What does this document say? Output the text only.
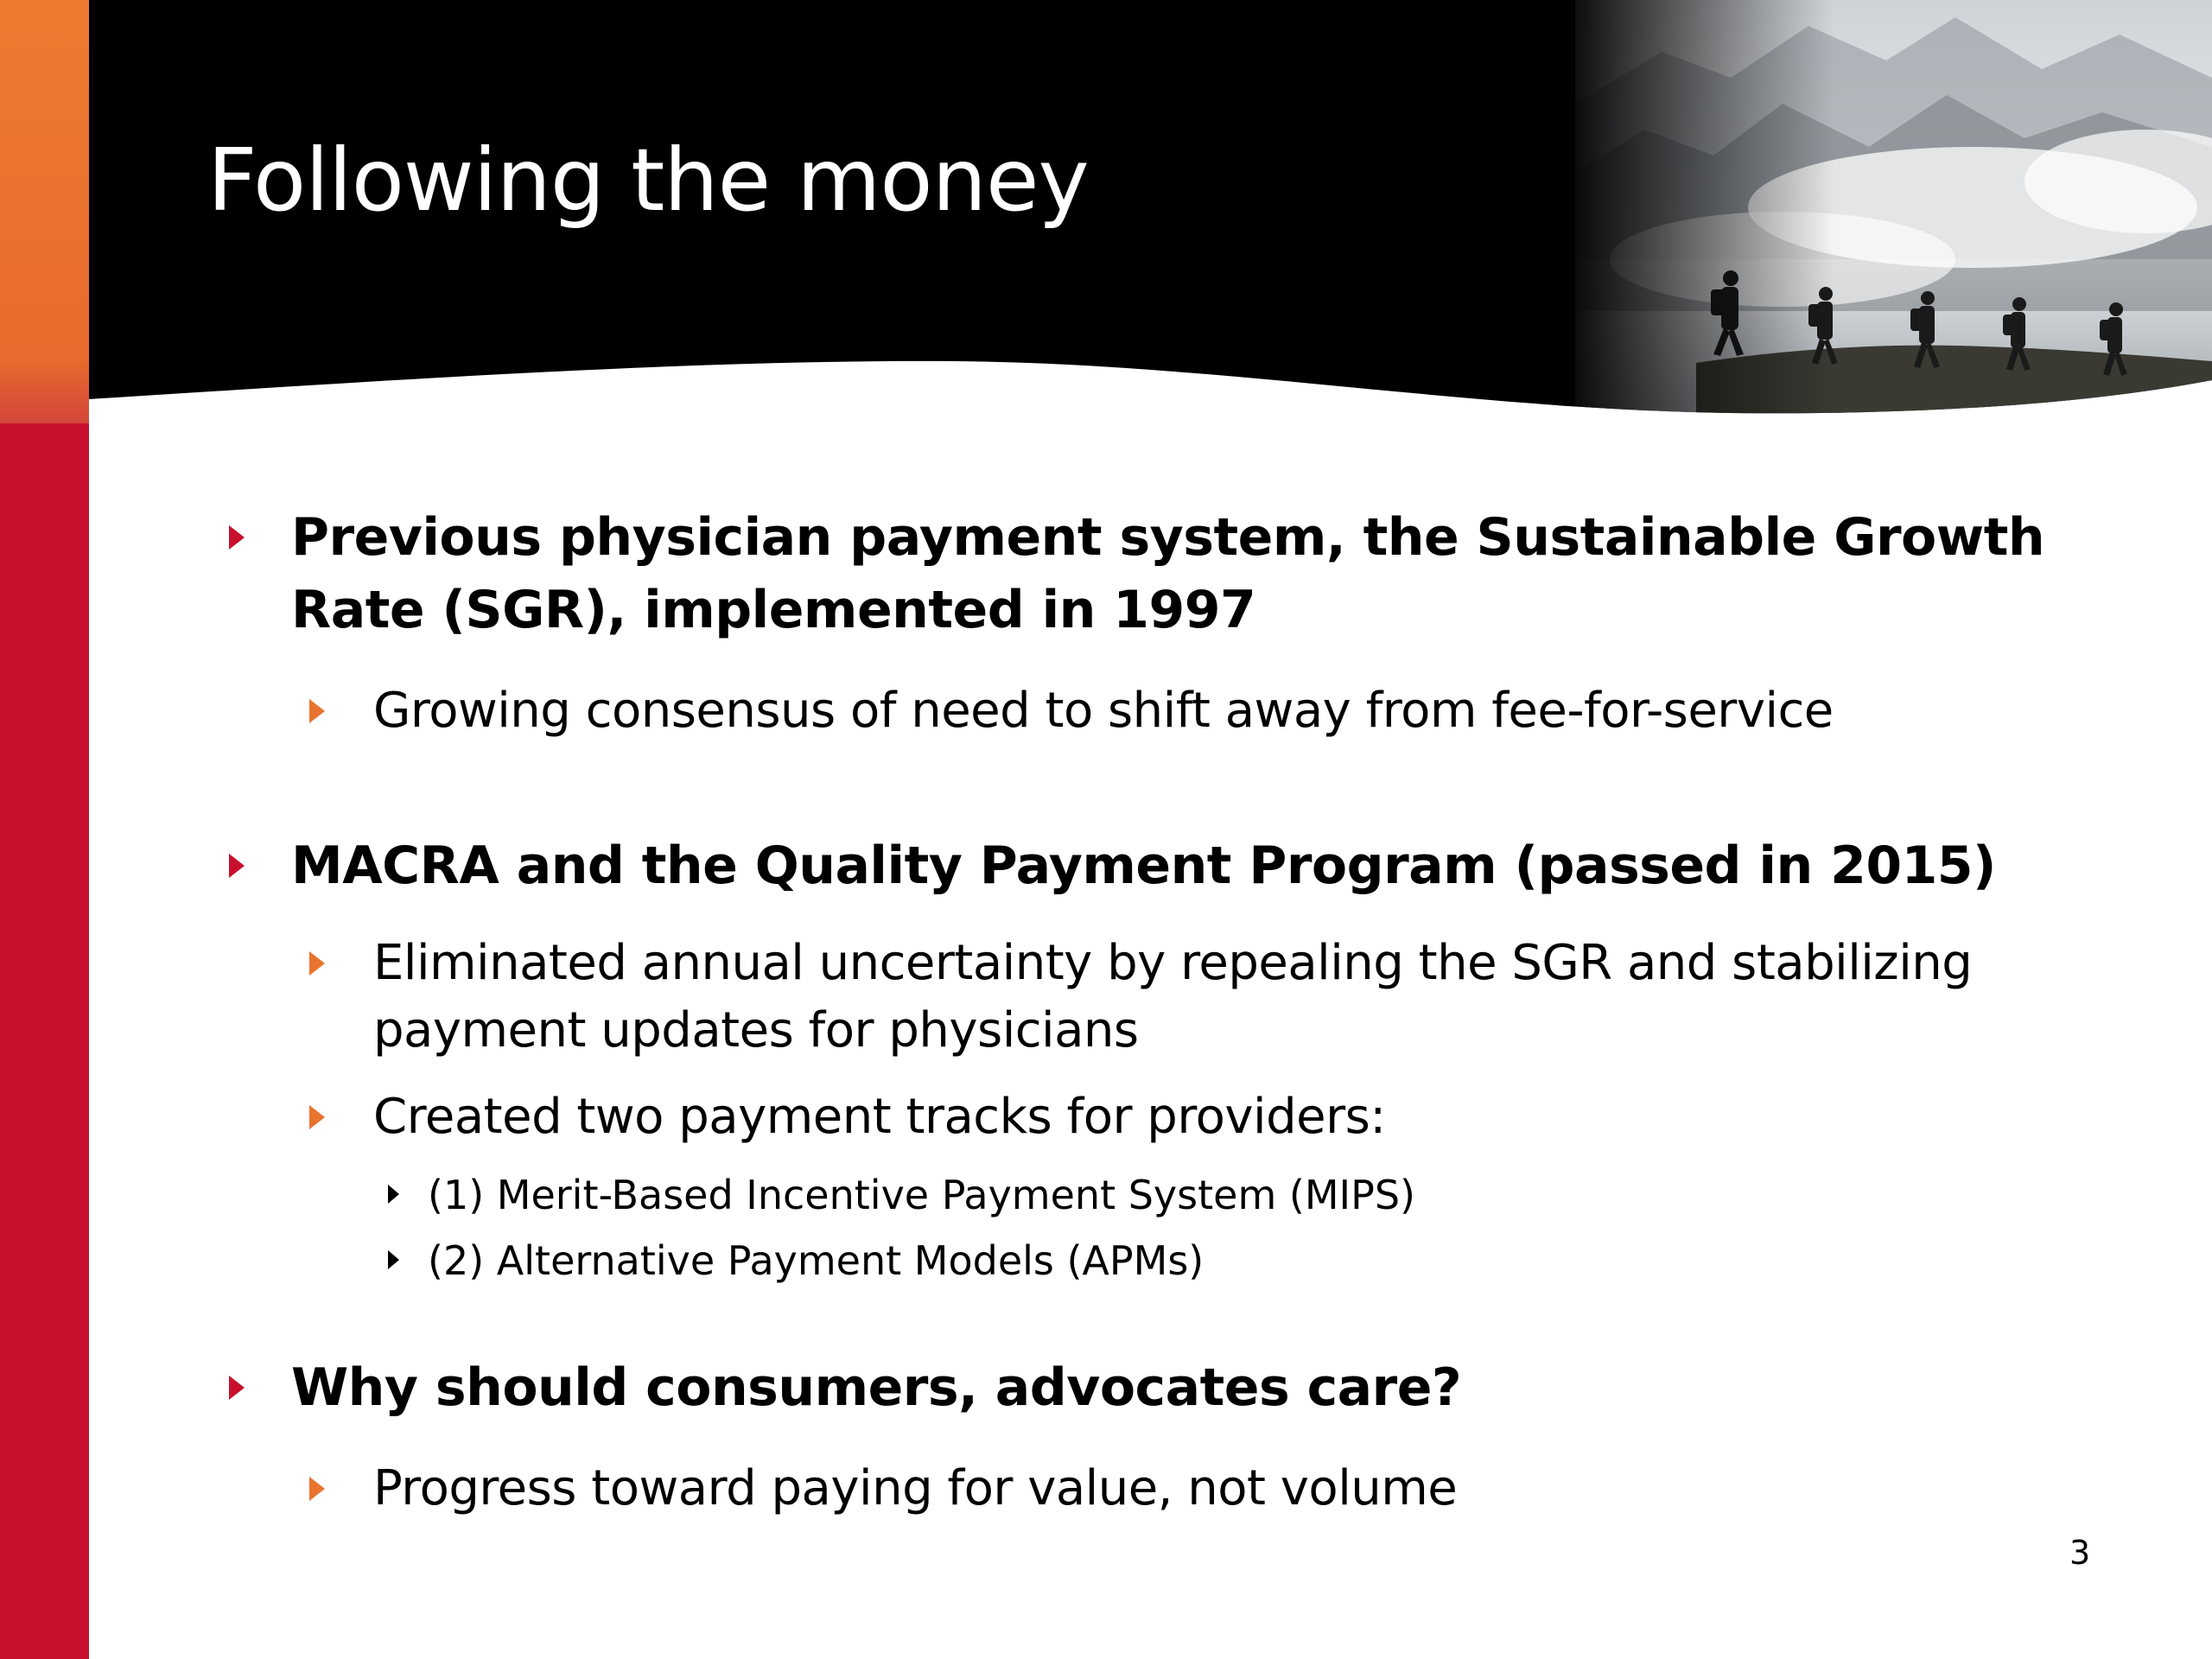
Following the money
Previous physician payment system, the Sustainable Growth Rate (SGR), implemented in 1997
Growing consensus of need to shift away from fee-for-service
MACRA and the Quality Payment Program (passed in 2015)
Eliminated annual uncertainty by repealing the SGR and stabilizing payment updates for physicians
Created two payment tracks for providers:
(1) Merit-Based Incentive Payment System (MIPS)
(2) Alternative Payment Models (APMs)
Why should consumers, advocates care?
Progress toward paying for value, not volume
3
